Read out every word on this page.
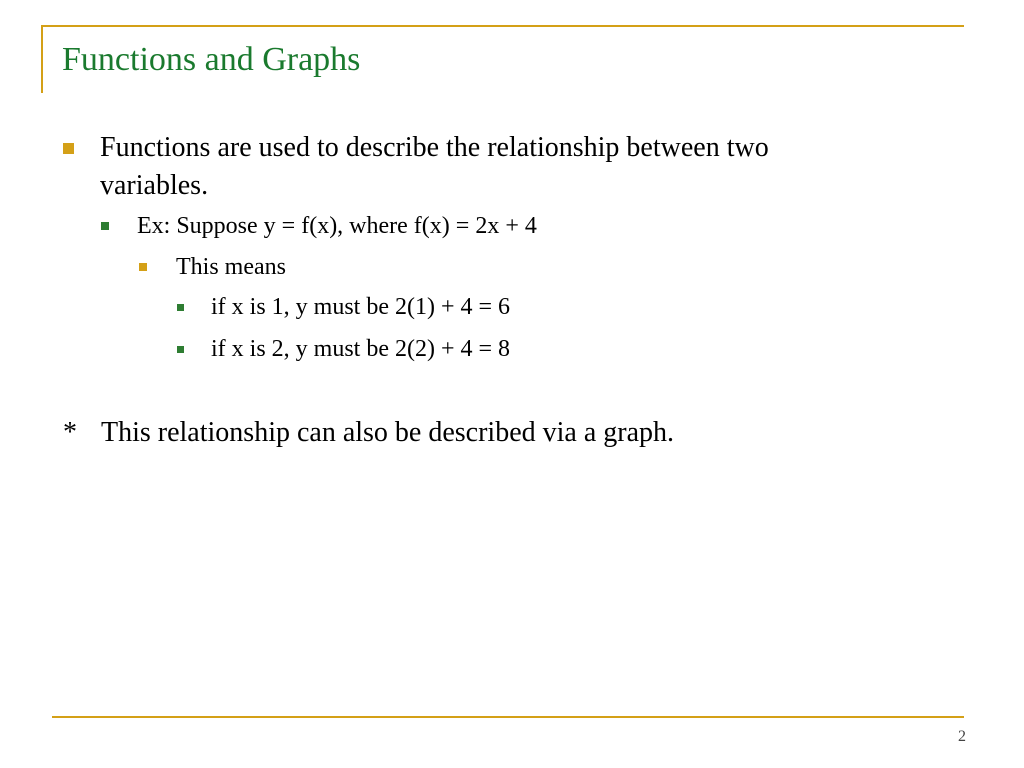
Functions and Graphs
Functions are used to describe the relationship between two
variables.
Ex: Suppose y = f(x), where f(x) = 2x + 4
This means
if x is 1, y must be 2(1) + 4 = 6
if x is 2, y must be 2(2) + 4 = 8
* This relationship can also be described via a graph.
2
